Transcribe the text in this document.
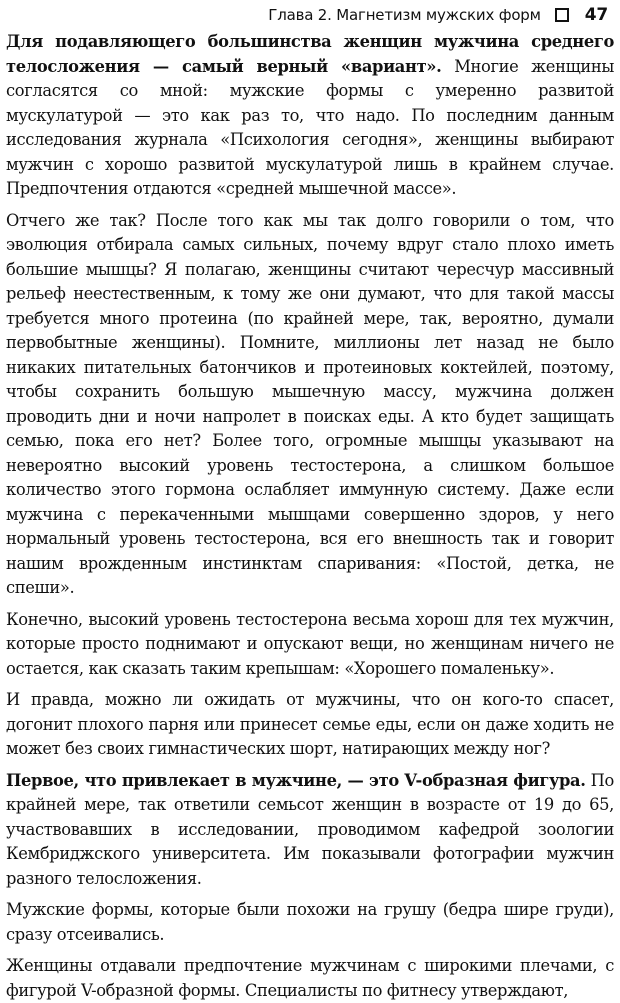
Глава 2. Магнетизм мужских форм	47

Для подавляющего большинства женщин мужчина среднего телосложения — самый верный «вариант». Многие женщины согласятся со мной: мужские формы с умеренно развитой мускулатурой — это как раз то, что надо. По последним данным исследования журнала «Психология сегодня», женщины выбирают мужчин с хорошо развитой мускулатурой лишь в крайнем случае. Предпочтения отдаются «средней мышечной массе».

Отчего же так? После того как мы так долго говорили о том, что эволюция отбирала самых сильных, почему вдруг стало плохо иметь большие мышцы? Я полагаю, женщины считают чересчур массивный рельеф неестественным, к тому же они думают, что для такой массы требуется много протеина (по крайней мере, так, вероятно, думали первобытные женщины). Помните, миллионы лет назад не было никаких питательных батончиков и протеиновых коктейлей, поэтому, чтобы сохранить большую мышечную массу, мужчина должен проводить дни и ночи напролет в поисках еды. А кто будет защищать семью, пока его нет? Более того, огромные мышцы указывают на невероятно высокий уровень тестостерона, а слишком большое количество этого гормона ослабляет иммунную систему. Даже если мужчина с перекаченными мышцами совершенно здоров, у него нормальный уровень тестостерона, вся его внешность так и говорит нашим врожденным инстинктам спаривания: «Постой, детка, не спеши».

Конечно, высокий уровень тестостерона весьма хорош для тех мужчин, которые просто поднимают и опускают вещи, но женщинам ничего не остается, как сказать таким крепышам: «Хорошего помаленьку».

И правда, можно ли ожидать от мужчины, что он кого-то спасет, догонит плохого парня или принесет семье еды, если он даже ходить не может без своих гимнастических шорт, натирающих между ног?

Первое, что привлекает в мужчине, — это V-образная фигура. По крайней мере, так ответили семьсот женщин в возрасте от 19 до 65, участвовавших в исследовании, проводимом кафедрой зоологии Кембриджского университета. Им показывали фотографии мужчин разного телосложения.

Мужские формы, которые были похожи на грушу (бедра шире груди), сразу отсеивались.

Женщины отдавали предпочтение мужчинам с широкими плечами, с фигурой V-образной формы. Специалисты по фитнесу утверждают,
